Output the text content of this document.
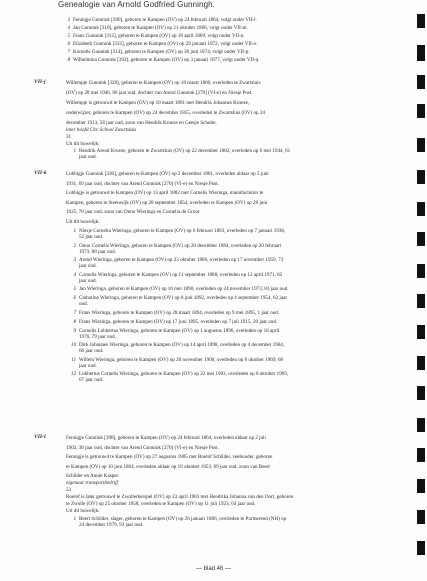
Genealogie van Arnold Godfried Gunningh.
3 Fennigje Gunnink [390], geboren te Kampen (OV) op 24 februari 1864, volgt onder VII-l.
4 Jan Gunnink [310], geboren te Kampen (OV) op 21 oktober 1866, volgt onder VII-m.
5 Frans Gunnink [312], geboren te Kampen (OV) op 18 april 1869, volgt onder VII-n.
6 Elizabeth Gunnink [332], geboren te Kampen (OV) op 29 januari 1872, volgt onder VII-o.
7 Kornelis Gunnink [314], geboren te Kampen (OV) op 30 juni 1874, volgt onder VII-p.
8 Wilhelmina Gunnink [392], geboren te Kampen (OV) op 3 januari 1877, volgt onder VII-q.
VII-j	Willempje Gunnink [328], geboren te Kampen (OV) op 18 maart 1860, overleden te Zwartsluis
(OV) op 28 mei 1946, 86 jaar oud, dochter van Arend Gunnink [270] (VI-e) en Niesje Post.
Willempje is getrouwd te Kampen (OV) op 10 maart 1881 met Hendrik Johannes Kroeze,
onderwijzer, geboren te Kampen (OV) op 24 december 1855, overleden te Zwartsluis (OV) op 24
december 1913, 58 jaar oud, zoon van Hendrik Kroeze en Geesje Schulte.
later hoofd Chr. School Zwartsluis
31
Uit dit huwelijk:
1 Hendrik Arend Kroeze, geboren te Zwartsluis (OV) op 22 december 1882, overleden op 6 mei 1944, 61
jaar oud.
VII-k	Lubbigje Gunnink [330], geboren te Kampen (OV) op 2 december 1861, overleden aldaar op 5 juni
1931, 69 jaar oud, dochter van Arend Gunnink [270] (VI-e) en Niesje Post.
Lubbigje is getrouwd te Kampen (OV) op 13 april 1882 met Cornelis Wieringa, manufacturier te
Kampen, geboren te Steenwijk (OV) op 28 september 1854, overleden te Kampen (OV) op 28 juni
1925, 70 jaar oud, zoon van Onno Wieringa en Cornelia de Groot.
Uit dit huwelijk:
1 Niesje Cornelia Wieringa, geboren te Kampen (OV) op 6 februari 1883, overleden op 7 januari 1936,
52 jaar oud.
2 Onno Cornelis Wieringa, geboren te Kampen (OV) op 20 december 1884, overleden op 20 februari
1973, 88 jaar oud.
3 Arend Wieringa, geboren te Kampen (OV) op 23 oktober 1886, overleden op 17 november 1959, 73
jaar oud.
4 Cornelia Wieringa, geboren te Kampen (OV) op 11 september 1888, overleden op 12 april 1971, 82
jaar oud.
5 Jan Wieringa, geboren te Kampen (OV) op 10 mei 1890, overleden op 24 november 1973, 83 jaar oud.
6 Catharina Wieringa, geboren te Kampen (OV) op 8 juni 1892, overleden op 4 september 1954, 62 jaar
oud.
7 Frans Wieringa, geboren te Kampen (OV) op 28 maart 1894, overleden op 9 mei 1895, 1 jaar oud.
8 Frans Wieringa, geboren te Kampen (OV) op 17 juni 1895, overleden op 7 juli 1915, 20 jaar oud.
9 Cornelis Lubbertus Wieringa, geboren te Kampen (OV) op 1 augustus 1896, overleden op 18 april
1976, 79 jaar oud.
10 Dirk Johannes Wieringa, geboren te Kampen (OV) op 14 april 1898, overleden op 4 december 1964,
66 jaar oud.
11 Willem Wieringa, geboren te Kampen (OV) op 20 november 1900, overleden op 8 oktober 1969, 68
jaar oud.
12 Lubbertus Cornelis Wieringa, geboren te Kampen (OV) op 22 mei 1902, overleden op 8 oktober 1969,
67 jaar oud.
VII-l	Fennigje Gunnink [390], geboren te Kampen (OV) op 24 februari 1864, overleden aldaar op 2 juli
1902, 38 jaar oud, dochter van Arend Gunnink [270] (VI-e) en Niesje Post.
Fennigje is getrouwd te Kampen (OV) op 27 augustus 1885 met Roelof Schilder, veehouder, geboren
te Kampen (OV) op 10 juni 1864, overleden aldaar op 19 oktober 1953, 89 jaar oud, zoon van Beert
Schilder en Annie Kasper.
eigenaar transportbedrijf
23
Roelof is later getrouwd te Zwollerkerspel (OV) op 23 april 1903 met Hendrika Johanna van den Oort, geboren
te Zwolle (OV) op 25 oktober 1858, overleden te Kampen (OV) op 11 juli 1923, 64 jaar oud.
Uit dit huwelijk:
1 Beert Schilder, slager, geboren te Kampen (OV) op 26 januari 1886, overleden te Purmerend (NH) op
24 december 1979, 93 jaar oud.
— blad 46 —
